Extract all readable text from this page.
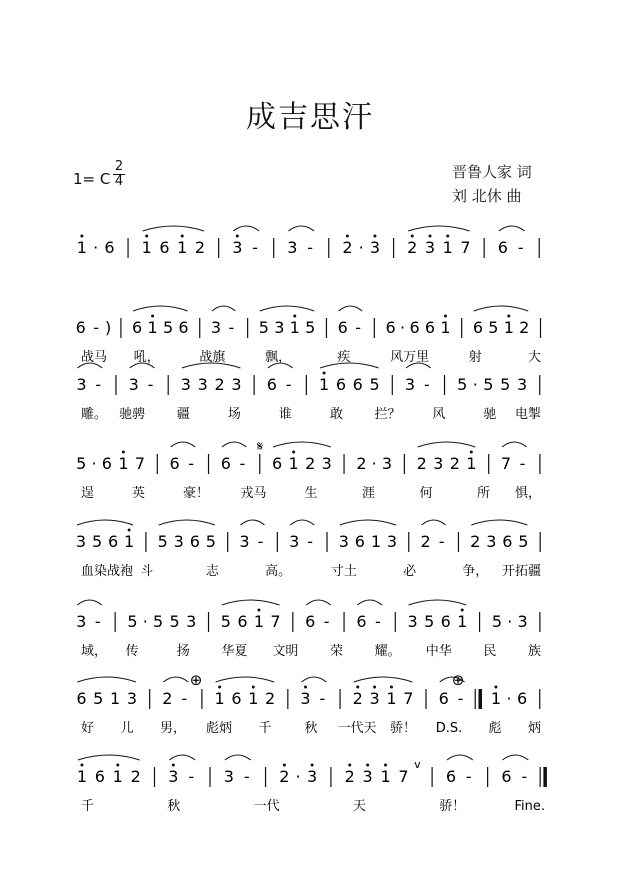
成吉思汗
1= C $\frac{2}{4}$	晋鲁人家 词
刘 北休 曲
1 · 6 1 6 1 2 3 - 3 - 2 · 3 2 3 1 7 6 -
6 - ) 6 1 5 6 3 - 5 3 1 5 6 - 6 · 6 6 1 6 5 1 2
战马 吼，	战旗	飘，	疾	风万里	射	大
3 - 3 - 3 3 2 3 6 - 1 6 6 5 3 - 5 · 5 5 3
雕。 驰骋 疆	场	谁	敢 拦？ 风	驰 电掣
5 · 6 1 7 6 - 6 - 6 1 2 3 2 · 3 2 3 2 1 7 -
逞	英	豪！ 戎马	生	涯	何	所 惧，
3 5 6 1 5 3 6 5 3 - 3 - 3 6 1 3 2 - 2 3 6 5
血染战袍 斗	志	高。	寸土	必	争， 开拓疆
3 - 5 · 5 5 3 5 6 1 7 6 - 6 - 3 5 6 1 5 · 3
域， 传	扬 华夏 文明 荣 耀。 中华 民 族
6 5 1 3 2 - 1 6 1 2 3 - 2 3 1 7 6 - 1 · 6
好 儿 男， 彪炳 千	秋 一代天 骄！ D.S. 彪 炳
1 6 1 2 3 - 3 - 2 · 3 2 3 1 7
v
6 - 6 -
千	秋	一代	天	骄！	Fine.
𝄋
⊕	⊕
